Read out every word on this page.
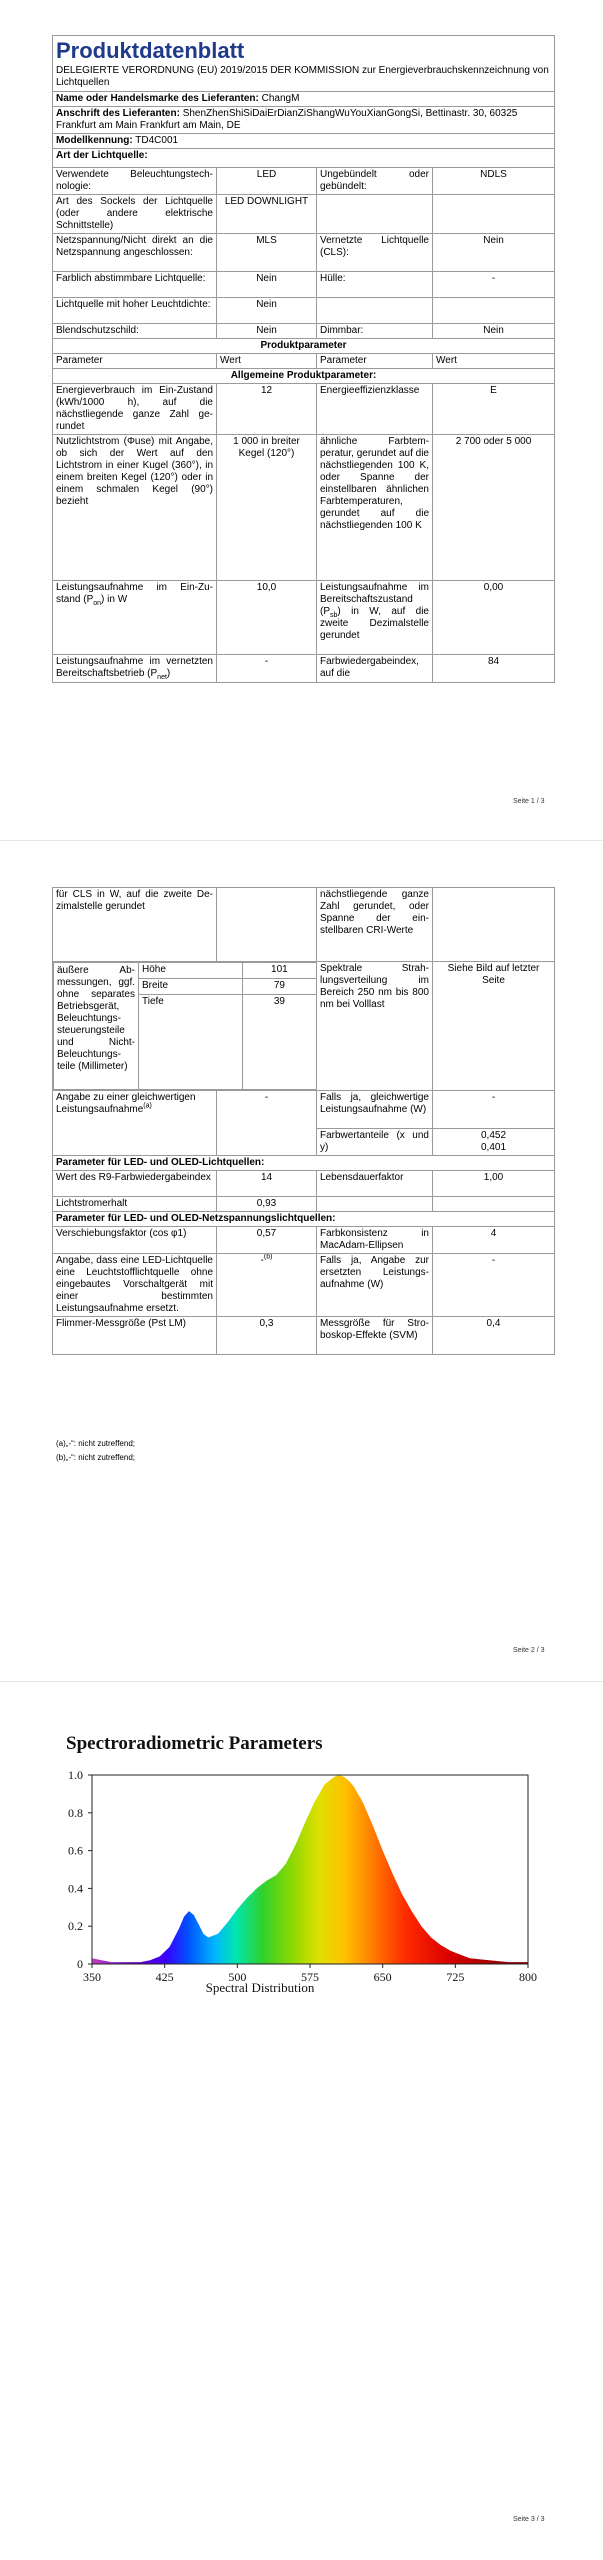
Produktdatenblatt
DELEGIERTE VERORDNUNG (EU) 2019/2015 DER KOMMISSION zur Energieverbrauchskennzeichnung von Lichtquellen			

Name oder Handelsmarke des Lieferanten: ChangM			
Anschrift des Lieferanten: ShenZhenShiSiDaiErDianZiShangWuYouXianGongSi, Bettinastr. 30, 60325 Frankfurt am Main Frankfurt am Main, DE			
Modellkennung: TD4C001			
Art der Lichtquelle:			
Verwendete Beleuchtungstechnologie:	LED	Ungebündelt oder gebündelt:	NDLS
Art des Sockels der Lichtquelle (oder andere elektrische Schnittstelle)	LED DOWNLIGHT		
Netzspannung/Nicht direkt an die Netzspannung angeschlossen:	MLS	Vernetzte Lichtquelle (CLS):	Nein
Farblich abstimmbare Lichtquelle:	Nein	Hülle:	-
Lichtquelle mit hoher Leuchtdichte:	Nein		
Blendschutzschild:	Nein	Dimmbar:	Nein
Produktparameter			
Parameter	Wert	Parameter	Wert
Allgemeine Produktparameter:			
Energieverbrauch im Ein-Zustand (kWh/1000 h), auf die nächstliegende ganze Zahl gerundet	12	Energieeffizienzklasse	E
Nutzlichtstrom (Φuse) mit Angabe, ob sich der Wert auf den Lichtstrom in einer Kugel (360°), in einem breiten Kegel (120°) oder in einem schmalen Kegel (90°) bezieht	1 000 in breiter Kegel (120°)	ähnliche Farbtemperatur, gerundet auf die nächstliegenden 100 K, oder Spanne der einstellbaren ähnlichen Farbtemperaturen, gerundet auf die nächstliegenden 100 K	2 700 oder 5 000
Leistungsaufnahme im Ein-Zustand $(P_{on})$ in W	10,0	Leistungsaufnahme im Bereitschaftszustand $(P_{sb})$ in W, auf die zweite Dezimalstelle gerundet	0,00
Leistungsaufnahme im vernetzten Bereitschaftsbetrieb $(P_{net})$	-	Farbwiedergabeindex, auf die	84
Seite 1 / 3
für CLS in W, auf die zweite Dezimalstelle gerundet		nächstliegende ganze Zahl gerundet, oder Spanne der einstellbaren CRI-Werte	

äußere Abmessungen, ggf. ohne separates Betriebsgerät, Beleuchtungssteuerungsteile und Nicht-Beleuchtungsteile (Millimeter)	Höhe	101
Breite	79
Tiefe	39
	Spektrale Strahlungsverteilung im Bereich 250 nm bis 800 nm bei Volllast	Siehe Bild auf letzter Seite
Angabe zu einer gleichwertigen Leistungsaufnahme$^{(a)}$	-	Falls ja, gleichwertige Leistungsaufnahme (W)	-
Farbwertanteile (x und y)	0,452
0,401
Parameter für LED- und OLED-Lichtquellen:
Wert des R9-Farbwiedergabeindex	14	Lebensdauerfaktor	1,00
Lichtstromerhalt	0,93		
Parameter für LED- und OLED-Netzspannungslichtquellen:
Verschiebungsfaktor (cos φ1)	0,57	Farbkonsistenz in MacAdam-Ellipsen	4
Angabe, dass eine LED-Lichtquelle eine Leuchtstofflichtquelle ohne eingebautes Vorschaltgerät mit einer bestimmten Leistungsaufnahme ersetzt.	-$^{(b)}$	Falls ja, Angabe zur ersetzten Leistungsaufnahme (W)	-
Flimmer-Messgröße (Pst LM)	0,3	Messgröße für Stroboskop-Effekte (SVM)	0,4
(a)„-“: nicht zutreffend;
(b)„-“: nicht zutreffend;
Seite 2 / 3
Spectroradiometric Parameters
0
0.2
0.4
0.6
0.8
1.0
350	425	500	575	650	725	800
Spectral Distribution
Seite 3 / 3
